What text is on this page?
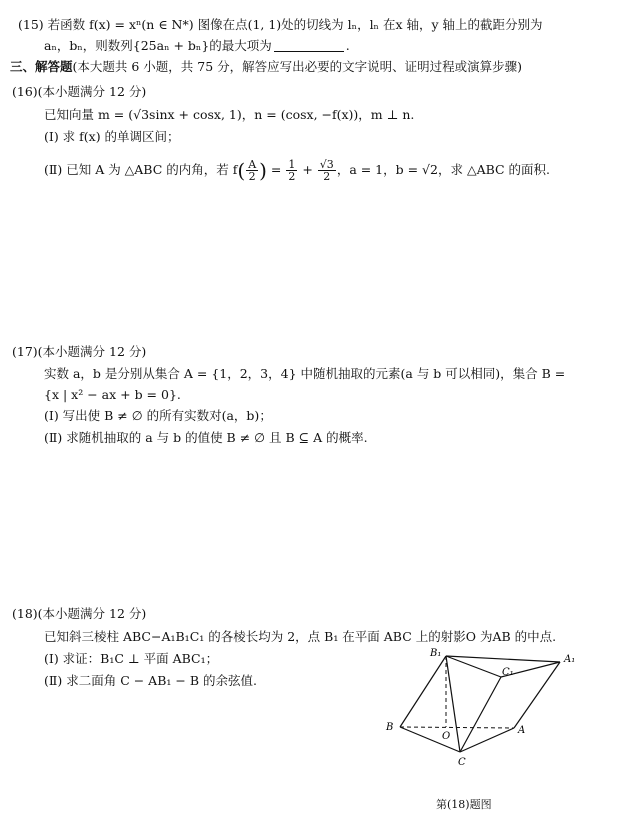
(15) 若函数 f(x) = xⁿ(n ∈ N*) 图像在点(1, 1)处的切线为 lₙ，lₙ 在x 轴，y 轴上的截距分别为
aₙ，bₙ，则数列{25aₙ + bₙ}的最大项为	.
三、解答题(本大题共 6 小题，共 75 分，解答应写出必要的文字说明、证明过程或演算步骤)
(16)(本小题满分 12 分)
已知向量 m = (√3sinx + cosx, 1)，n = (cosx, −f(x))，m ⊥ n.
(Ⅰ) 求 f(x) 的单调区间；
(Ⅱ) 已知 A 为 △ABC 的内角，若 $f( \frac{A}{2}$ ) = $\frac{1}{2} + \frac{√3}{2}$ ，a = 1，b = √2，求 △ABC 的面积.
(17)(本小题满分 12 分)
实数 a，b 是分别从集合 A = {1，2，3，4} 中随机抽取的元素(a 与 b 可以相同)，集合 B =
{x | x² − ax + b = 0}.
(Ⅰ) 写出使 B ≠ ∅ 的所有实数对(a，b)；
(Ⅱ) 求随机抽取的 a 与 b 的值使 B ≠ ∅ 且 B ⊆ A 的概率.
(18)(本小题满分 12 分)
已知斜三棱柱 ABC−A₁B₁C₁ 的各棱长均为 2，点 B₁ 在平面 ABC 上的射影O 为AB 的中点.
(Ⅰ) 求证：B₁C ⊥ 平面 ABC₁；
(Ⅱ) 求二面角 C − AB₁ − B 的余弦值.
B₁
C₁
A₁
B
O
A
C
第(18)题图
